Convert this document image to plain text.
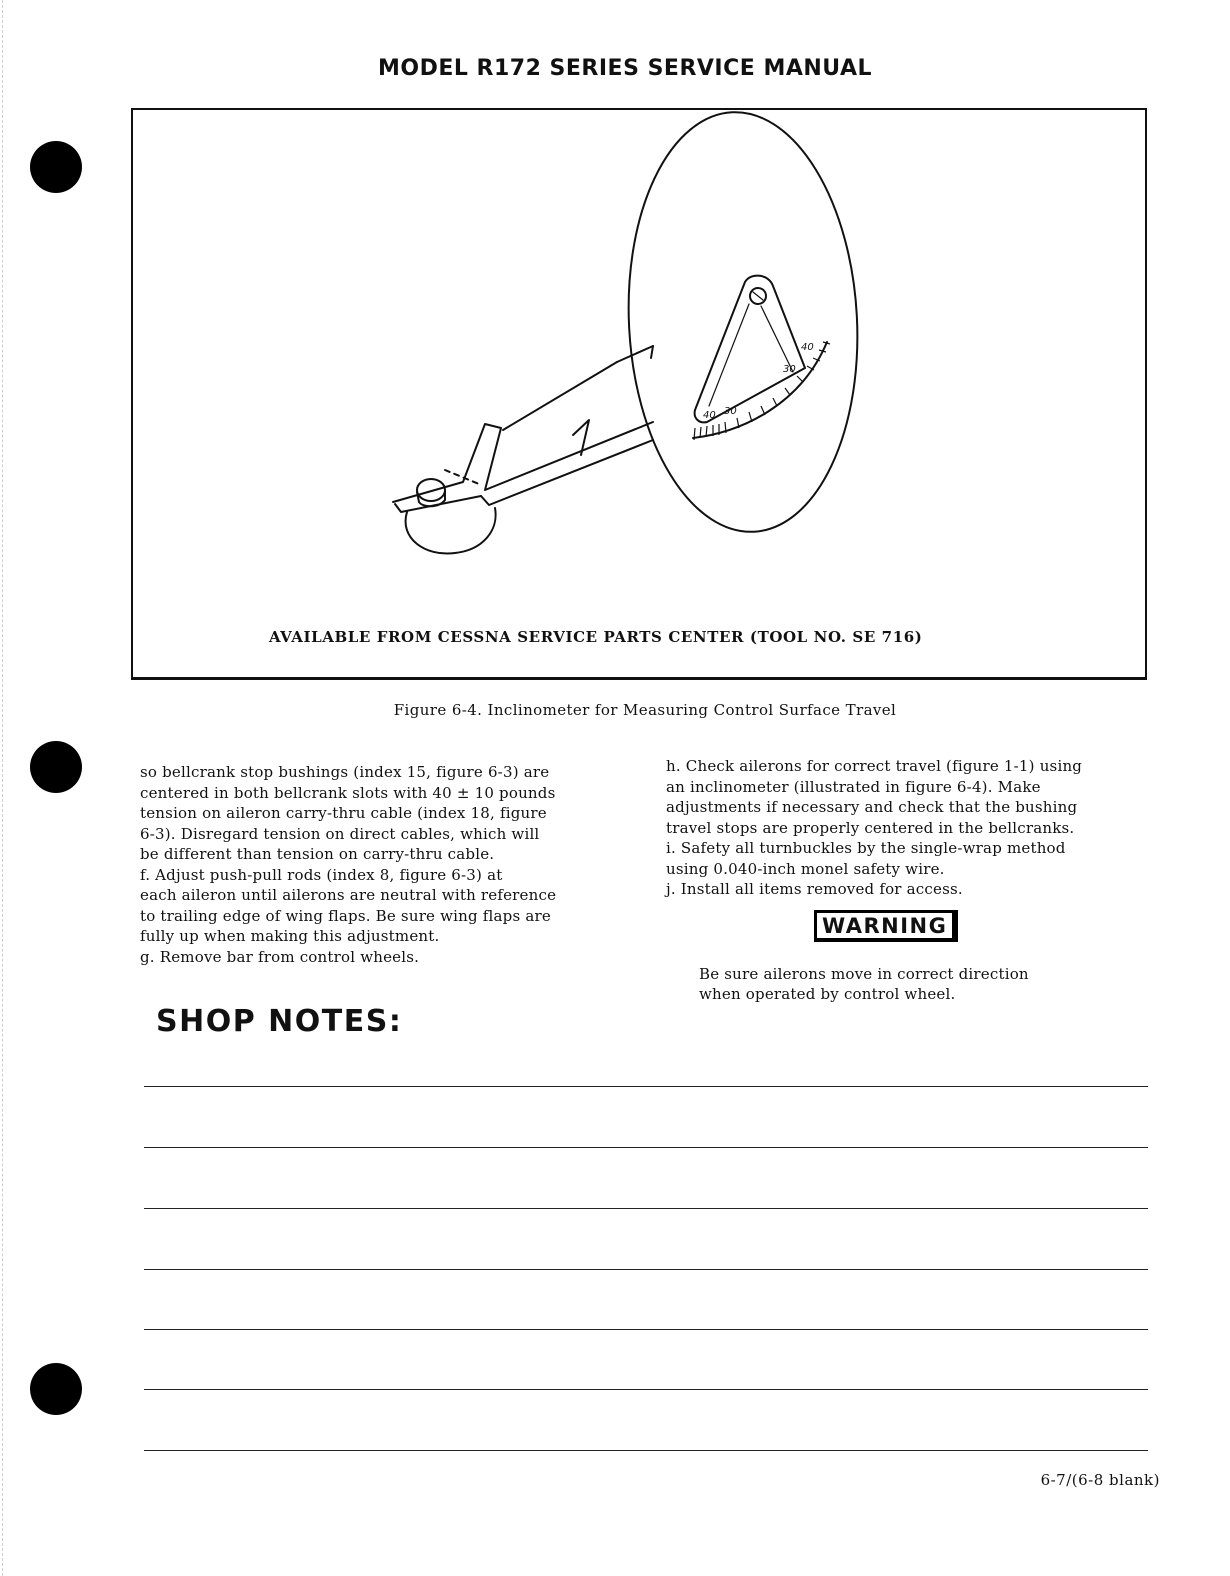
MODEL R172 SERIES SERVICE MANUAL
40 30
30
40
AVAILABLE FROM CESSNA SERVICE PARTS CENTER (TOOL NO. SE 716)
Figure 6-4. Inclinometer for Measuring Control Surface Travel

so bellcrank stop bushings (index 15, figure 6-3) are

centered in both bellcrank slots with 40 ± 10 pounds

tension on aileron carry-thru cable (index 18, figure

6-3). Disregard tension on direct cables, which will

be different than tension on carry-thru cable.

f. Adjust push-pull rods (index 8, figure 6-3) at

each aileron until ailerons are neutral with reference

to trailing edge of wing flaps. Be sure wing flaps are

fully up when making this adjustment.

g. Remove bar from control wheels.

h. Check ailerons for correct travel (figure 1-1) using

an inclinometer (illustrated in figure 6-4). Make

adjustments if necessary and check that the bushing

travel stops are properly centered in the bellcranks.

i. Safety all turnbuckles by the single-wrap method

using 0.040-inch monel safety wire.

j. Install all items removed for access.

WARNING

Be sure ailerons move in correct direction

when operated by control wheel.

SHOP NOTES:
6-7/(6-8 blank)
